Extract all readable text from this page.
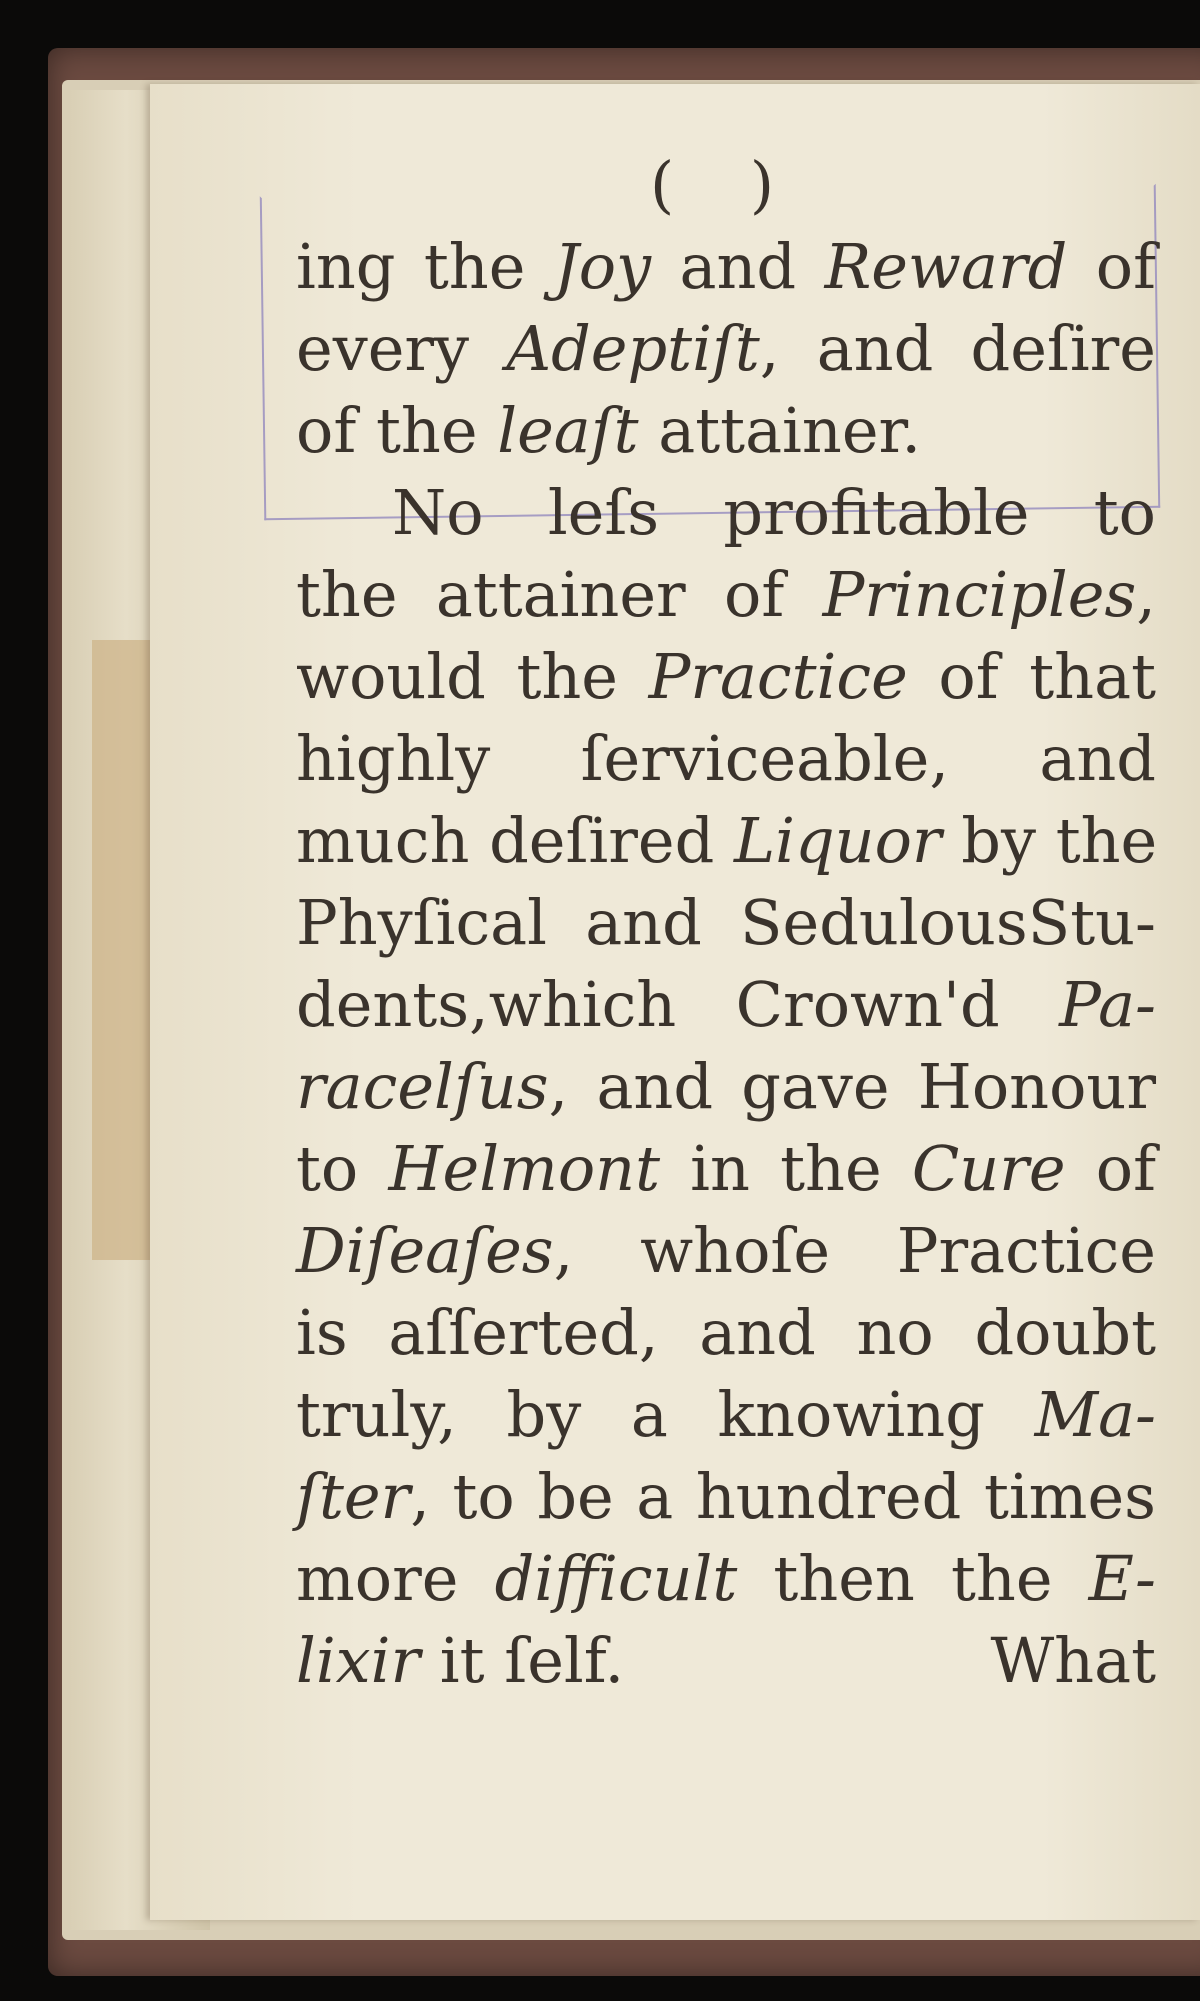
( )
ing the Joy and Reward of
every Adeptiſt, and deſire
of the leaſt attainer.
No leſs profitable to
the attainer of Principles,
would the Practice of that
highly ſerviceable, and
much deſired Liquor by the
Phyſical and SedulousStu-
dents,which Crown'd Pa-
racelſus, and gave Honour
to Helmont in the Cure of
Diſeaſes, whoſe Practice
is aſſerted, and no doubt
truly, by a knowing Ma-
ſter, to be a hundred times
more difficult then the E-
lixir it ſelf.	What
